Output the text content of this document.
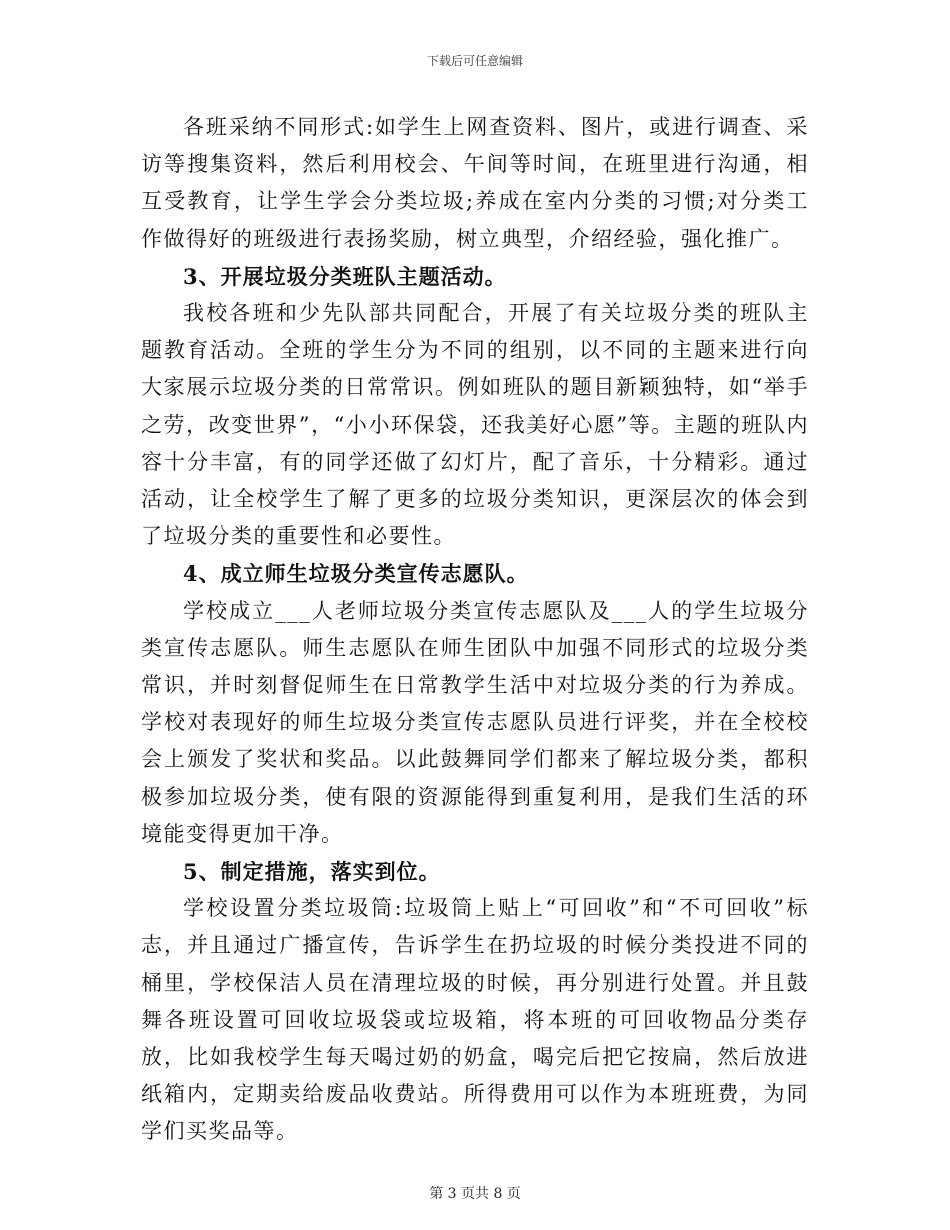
下载后可任意编辑

各班采纳不同形式:如学生上网查资料、图片，或进行调查、采访等搜集资料，然后利用校会、午间等时间，在班里进行沟通，相互受教育，让学生学会分类垃圾;养成在室内分类的习惯;对分类工作做得好的班级进行表扬奖励，树立典型，介绍经验，强化推广。

3、开展垃圾分类班队主题活动。

我校各班和少先队部共同配合，开展了有关垃圾分类的班队主题教育活动。全班的学生分为不同的组别，以不同的主题来进行向大家展示垃圾分类的日常常识。例如班队的题目新颖独特，如“举手之劳，改变世界”，“小小环保袋，还我美好心愿”等。主题的班队内容十分丰富，有的同学还做了幻灯片，配了音乐，十分精彩。通过活动，让全校学生了解了更多的垃圾分类知识，更深层次的体会到了垃圾分类的重要性和必要性。

4、成立师生垃圾分类宣传志愿队。

学校成立___人老师垃圾分类宣传志愿队及___人的学生垃圾分类宣传志愿队。师生志愿队在师生团队中加强不同形式的垃圾分类常识，并时刻督促师生在日常教学生活中对垃圾分类的行为养成。学校对表现好的师生垃圾分类宣传志愿队员进行评奖，并在全校校会上颁发了奖状和奖品。以此鼓舞同学们都来了解垃圾分类，都积极参加垃圾分类，使有限的资源能得到重复利用，是我们生活的环境能变得更加干净。

5、制定措施，落实到位。

学校设置分类垃圾筒:垃圾筒上贴上“可回收”和“不可回收”标志，并且通过广播宣传，告诉学生在扔垃圾的时候分类投进不同的桶里，学校保洁人员在清理垃圾的时候，再分别进行处置。并且鼓舞各班设置可回收垃圾袋或垃圾箱，将本班的可回收物品分类存放，比如我校学生每天喝过奶的奶盒，喝完后把它按扁，然后放进纸箱内，定期卖给废品收费站。所得费用可以作为本班班费，为同学们买奖品等。

第 3 页共 8 页
